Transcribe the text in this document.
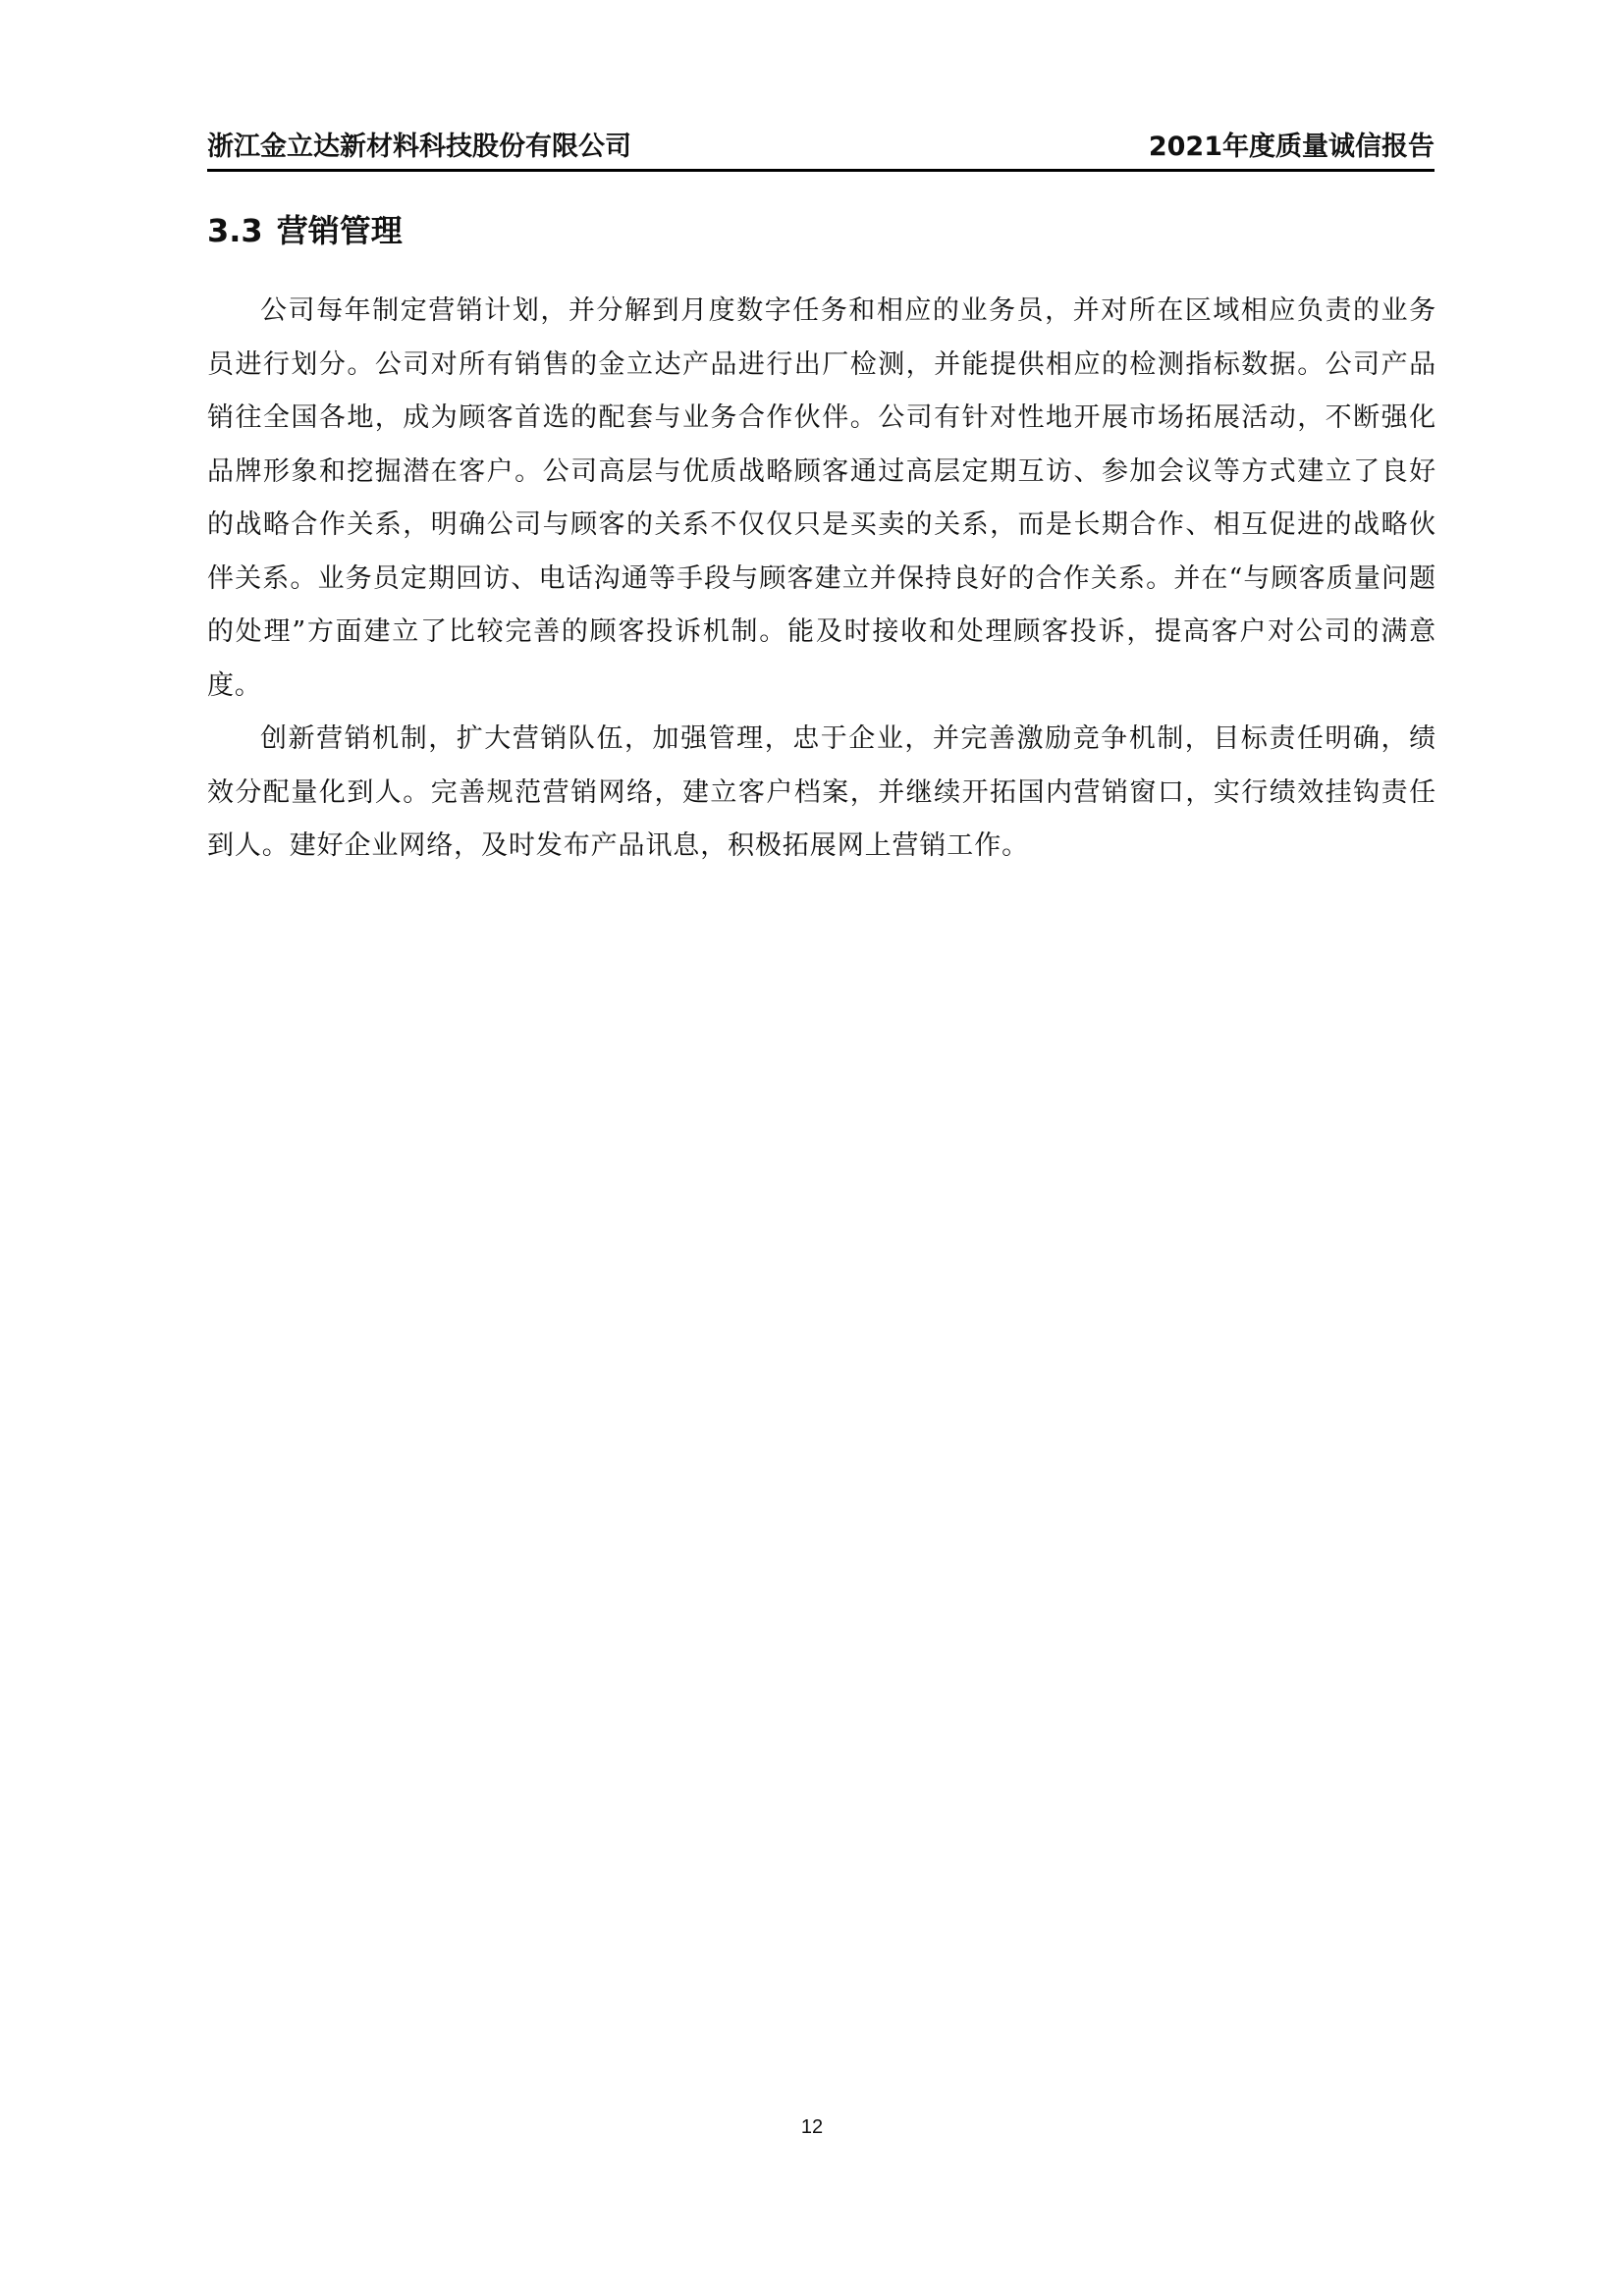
浙江金立达新材料科技股份有限公司	2021年度质量诚信报告
3.3 营销管理

公司每年制定营销计划，并分解到月度数字任务和相应的业务员，并对所在区域相应负责的业务员进行划分。公司对所有销售的金立达产品进行出厂检测，并能提供相应的检测指标数据。公司产品销往全国各地，成为顾客首选的配套与业务合作伙伴。公司有针对性地开展市场拓展活动，不断强化品牌形象和挖掘潜在客户。公司高层与优质战略顾客通过高层定期互访、参加会议等方式建立了良好的战略合作关系，明确公司与顾客的关系不仅仅只是买卖的关系，而是长期合作、相互促进的战略伙伴关系。业务员定期回访、电话沟通等手段与顾客建立并保持良好的合作关系。并在“与顾客质量问题的处理”方面建立了比较完善的顾客投诉机制。能及时接收和处理顾客投诉，提高客户对公司的满意度。

创新营销机制，扩大营销队伍，加强管理，忠于企业，并完善激励竞争机制，目标责任明确，绩效分配量化到人。完善规范营销网络，建立客户档案，并继续开拓国内营销窗口，实行绩效挂钩责任到人。建好企业网络，及时发布产品讯息，积极拓展网上营销工作。

12
